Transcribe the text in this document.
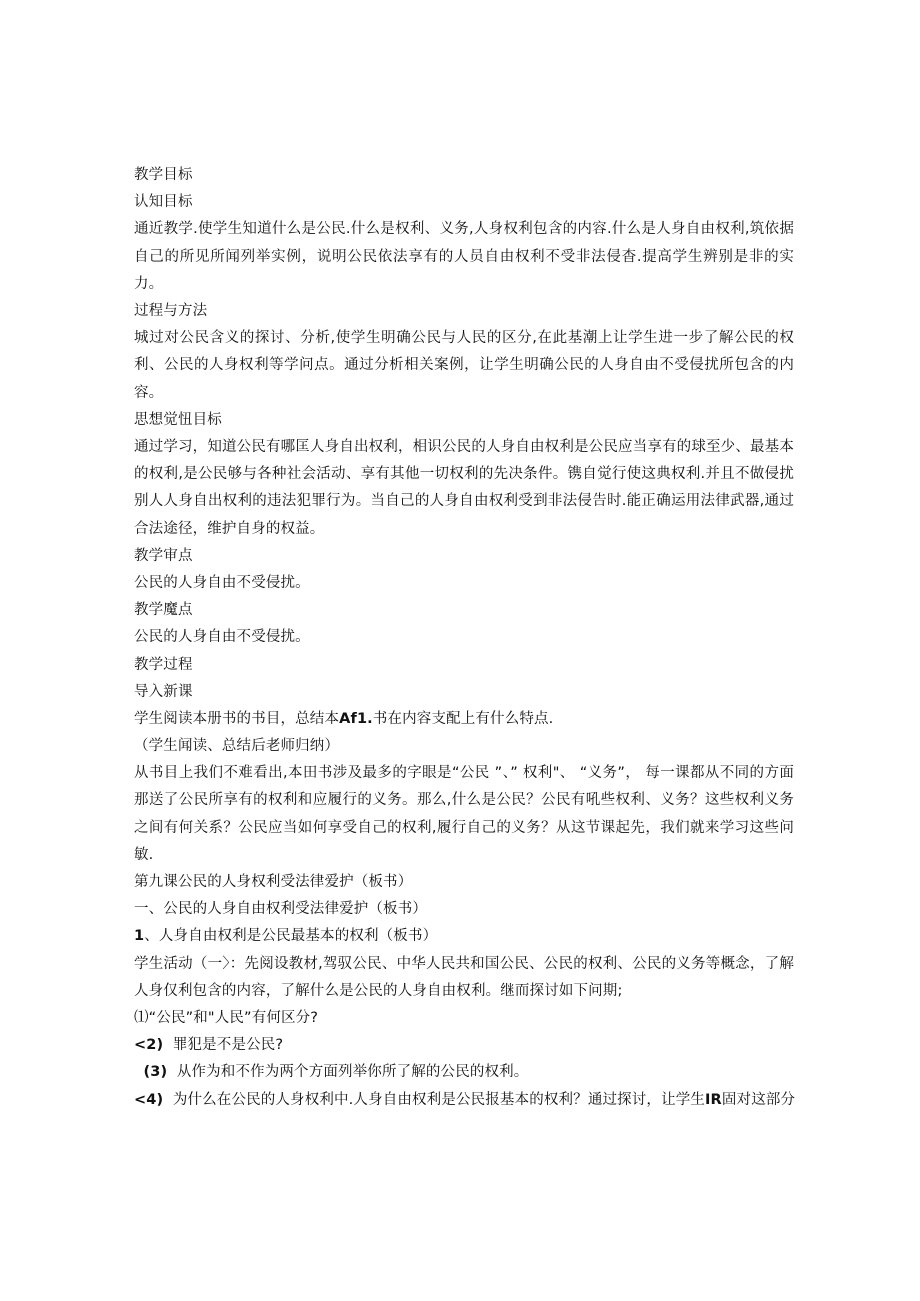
教学目标
认知目标
通近教学.使学生知道什么是公民.什么是权利、义务,人身权利包含的内容.什么是人身自由权利,筑依据自己的所见所闻列举实例，说明公民依法享有的人员自由权利不受非法侵杳.提高学生辨别是非的实力。
过程与方法
城过对公民含义的探讨、分析,使学生明确公民与人民的区分,在此基潮上让学生进一步了解公民的权利、公民的人身权利等学问点。通过分析相关案例，让学生明确公民的人身自由不受侵扰所包含的内容。
思想觉忸目标
通过学习，知道公民有哪匡人身自出权利，相识公民的人身自由权利是公民应当享有的球至少、最基本的权利,是公民够与各种社会活动、享有其他一切权利的先决条件。镌自觉行使这典权利.并且不做侵扰别人人身自出权利的违法犯罪行为。当自己的人身自由权利受到非法侵告时.能正确运用法律武器,通过合法途径，维护自身的权益。
教学审点
公民的人身自由不受侵扰。
教学魔点
公民的人身自由不受侵扰。
教学过程
导入新课
学生阅读本册书的书目，总结本Af1.书在内容支配上有什么特点.
（学生闻读、总结后老师归纳）
从书目上我们不难看出,本田书涉及最多的字眼是“公民 ”、” 权利"、 “义务”， 每一课都从不同的方面那送了公民所享有的权利和应履行的义务。那么,什么是公民？公民有吼些权利、义务？这些权利义务之间有何关系？公民应当如何享受自己的权利,履行自己的义务？从这节课起先，我们就来学习这些问敏.
第九课公民的人身权利受法律爱护（板书）
一、公民的人身自由权利受法律爱护（板书）
1、人身自由权利是公民最基本的权利（板书）
学生活动（一〉：先阅设教材,驾驭公民、中华人民共和国公民、公民的权利、公民的义务等概念，了解人身仅利包含的内容，了解什么是公民的人身自由权利。继而探讨如下问期;
⑴“公民”和"人民”有何区分?
<2) 罪犯是不是公民?
(3) 从作为和不作为两个方面列举你所了解的公民的权利。
<4) 为什么在公民的人身权利中.人身自由权利是公民报基本的权利？通过探讨，让学生IR固对这部分
